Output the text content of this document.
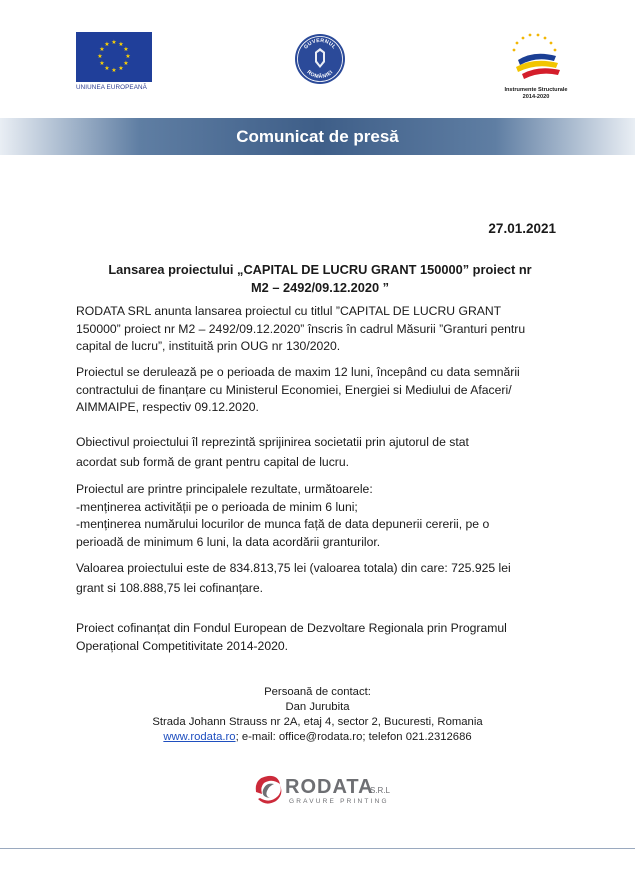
★ ★
★
★
★
★
★
★
★
★
★
★
UNIUNEA EUROPEANĂ
GUVERNUL
ROMÂNIEI
Instrumente Structurale
2014-2020
Comunicat de presă
27.01.2021
Lansarea proiectului „CAPITAL DE LUCRU GRANT 150000” proiect nr
M2 – 2492/09.12.2020 ”
RODATA SRL anunta lansarea proiectul cu titlul ”CAPITAL DE LUCRU GRANT
150000” proiect nr M2 – 2492/09.12.2020” înscris în cadrul Măsurii ”Granturi pentru
capital de lucru”, instituită prin OUG nr 130/2020.
Proiectul se derulează pe o perioada de maxim 12 luni, începând cu data semnării
contractului de finanțare cu Ministerul Economiei, Energiei si Mediului de Afaceri/
AIMMAIPE, respectiv 09.12.2020.
Obiectivul proiectului îl reprezintă sprijinirea societatii prin ajutorul de stat
acordat sub formă de grant pentru capital de lucru.
Proiectul are printre principalele rezultate, următoarele:
-menținerea activității pe o perioada de minim 6 luni;
-menținerea numărului locurilor de munca față de data depunerii cererii, pe o
perioadă de minimum 6 luni, la data acordării granturilor.
Valoarea proiectului este de 834.813,75 lei (valoarea totala) din care: 725.925 lei
grant si 108.888,75 lei cofinanțare.
Proiect cofinanțat din Fondul European de Dezvoltare Regionala prin Programul
Operațional Competitivitate 2014-2020.
Persoană de contact:
Dan Jurubita
Strada Johann Strauss nr 2A, etaj 4, sector 2, Bucuresti, Romania
www.rodata.ro; e-mail: office@rodata.ro; telefon 021.2312686
RODATA
S.R.L
GRAVURE PRINTING
